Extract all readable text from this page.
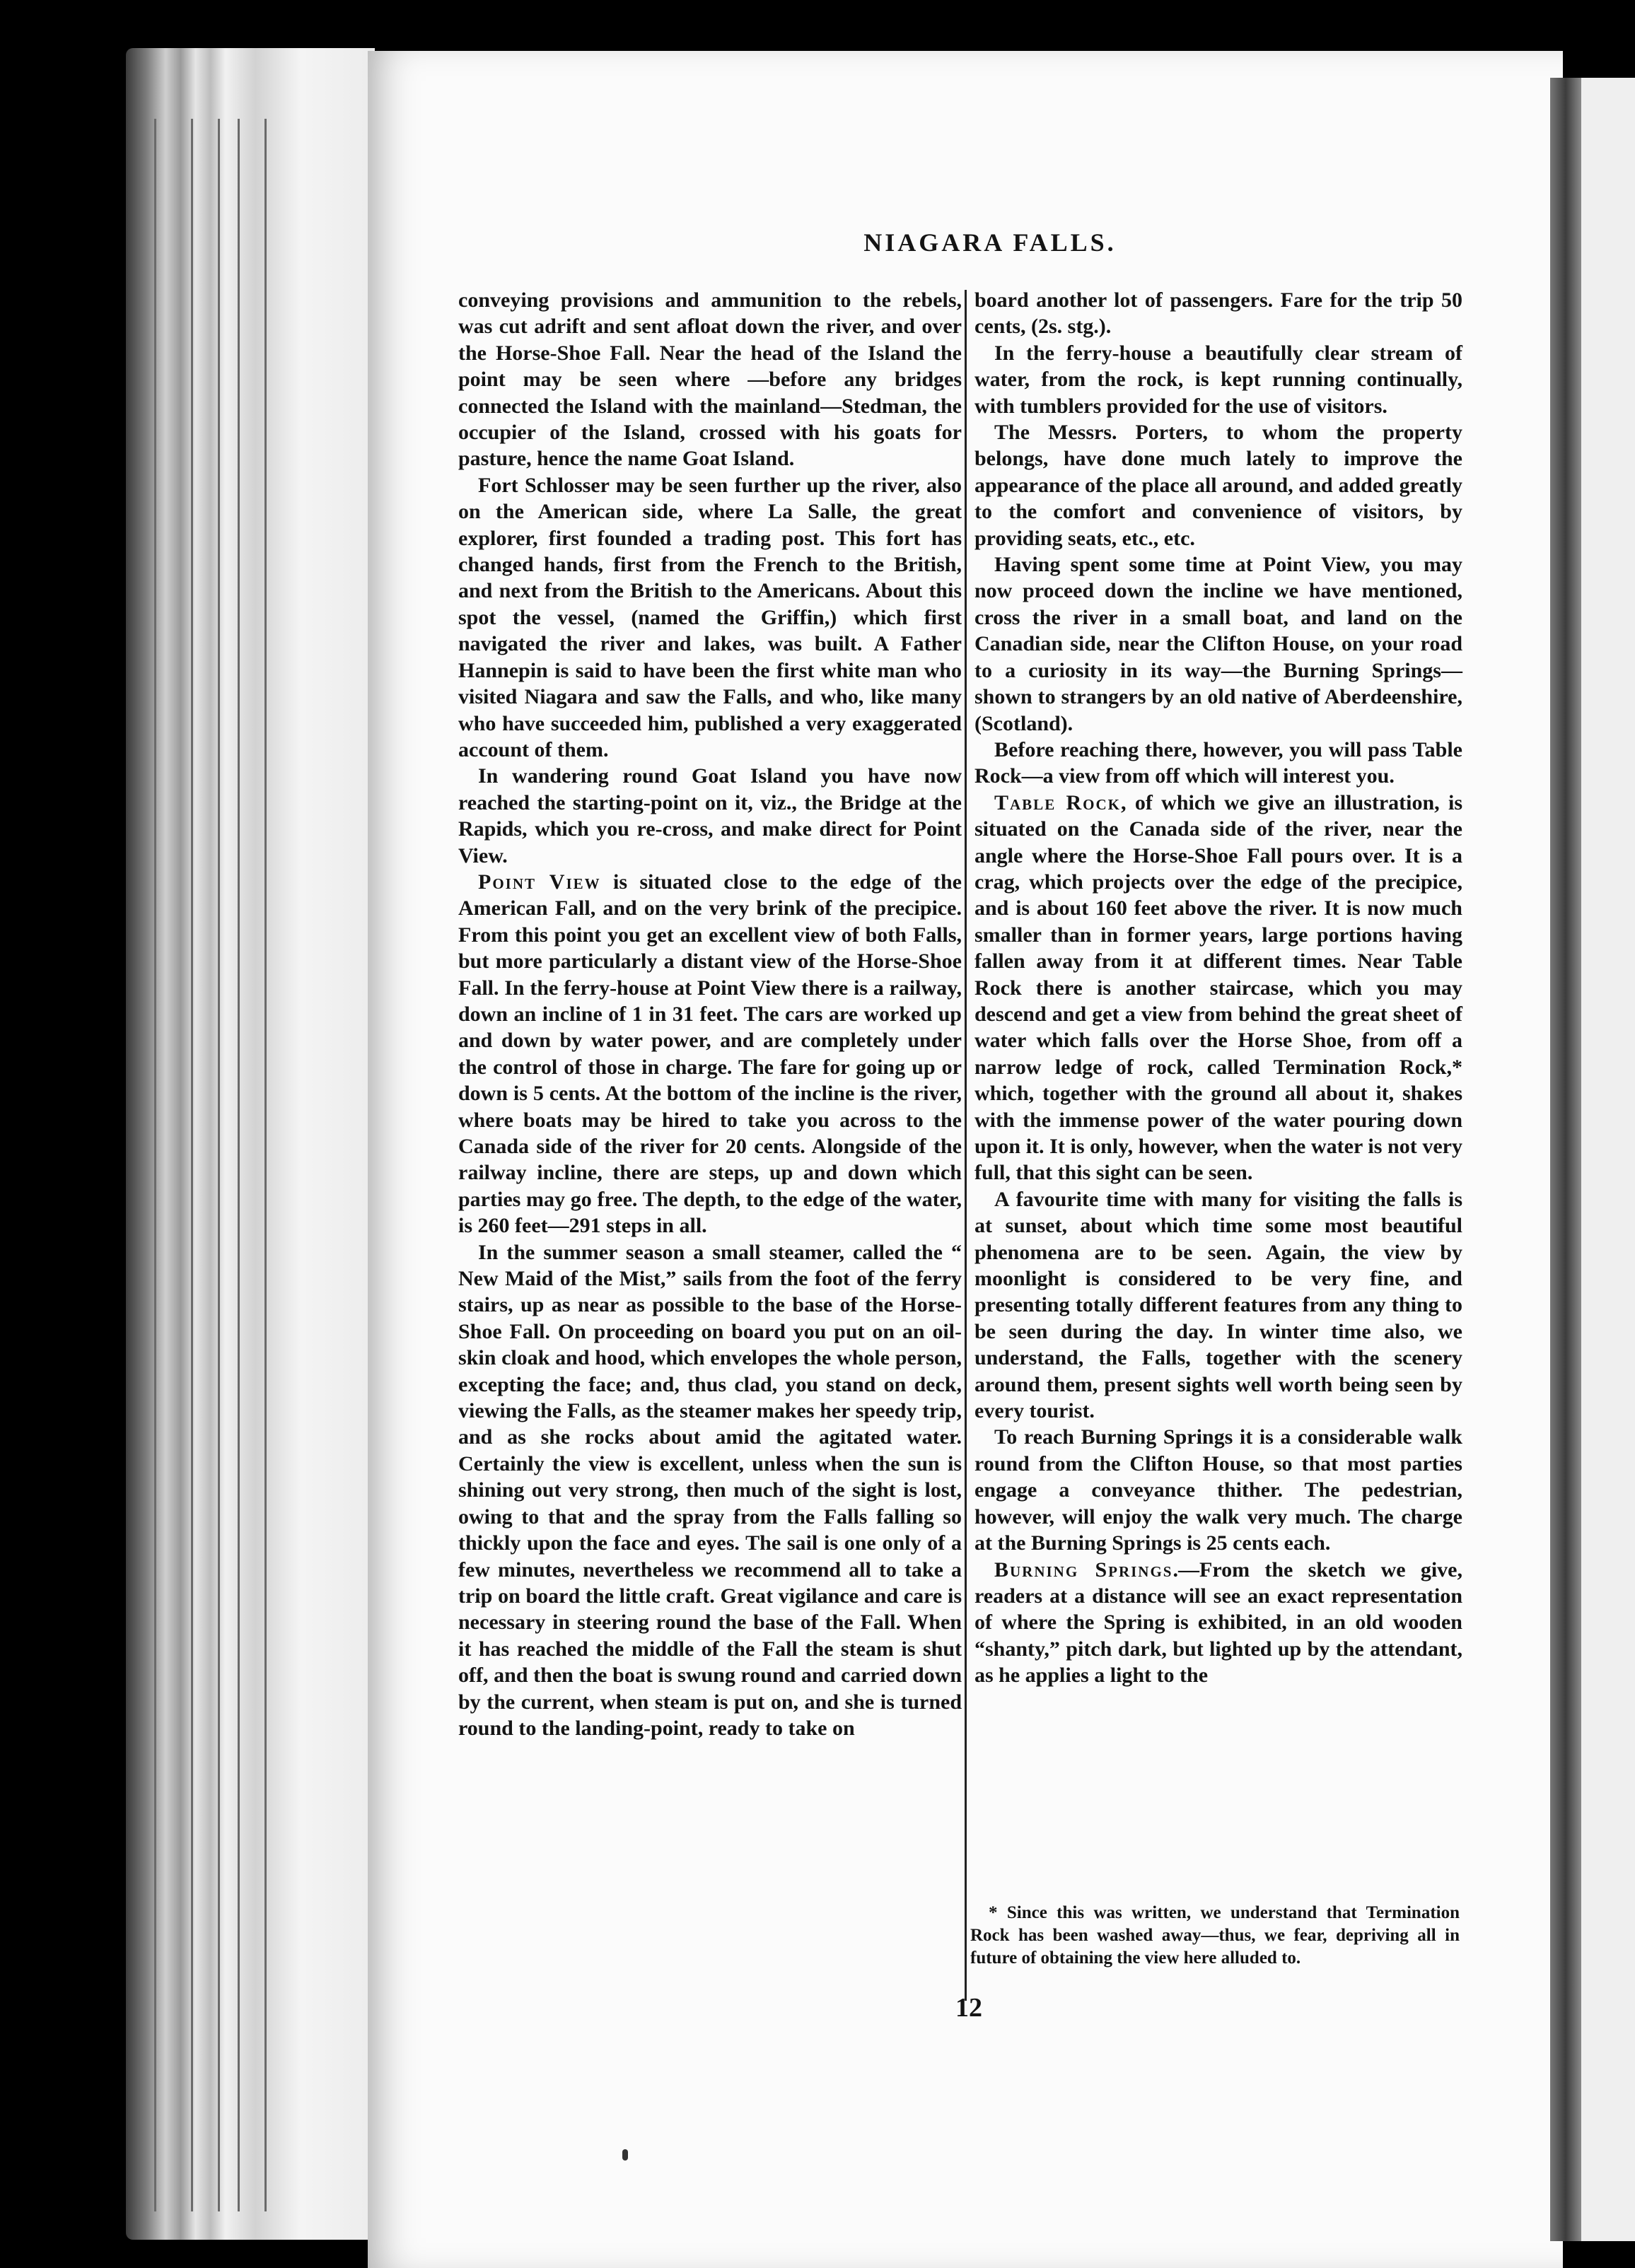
NIAGARA FALLS.

conveying provisions and ammunition to the rebels, was cut adrift and sent afloat down the river, and over the Horse-Shoe Fall. Near the head of the Island the point may be seen where —before any bridges connected the Island with the mainland—Stedman, the occupier of the Island, crossed with his goats for pasture, hence the name Goat Island.

Fort Schlosser may be seen further up the river, also on the American side, where La Salle, the great explorer, first founded a trading post. This fort has changed hands, first from the French to the British, and next from the British to the Americans. About this spot the vessel, (named the Griffin,) which first navigated the river and lakes, was built. A Father Hannepin is said to have been the first white man who visited Niagara and saw the Falls, and who, like many who have succeeded him, published a very exaggerated account of them.

In wandering round Goat Island you have now reached the starting-point on it, viz., the Bridge at the Rapids, which you re-cross, and make direct for Point View.

Point View is situated close to the edge of the American Fall, and on the very brink of the precipice. From this point you get an excellent view of both Falls, but more particularly a distant view of the Horse-Shoe Fall. In the ferry-house at Point View there is a railway, down an incline of 1 in 31 feet. The cars are worked up and down by water power, and are completely under the control of those in charge. The fare for going up or down is 5 cents. At the bottom of the incline is the river, where boats may be hired to take you across to the Canada side of the river for 20 cents. Alongside of the railway incline, there are steps, up and down which parties may go free. The depth, to the edge of the water, is 260 feet—291 steps in all.

In the summer season a small steamer, called the “ New Maid of the Mist,” sails from the foot of the ferry stairs, up as near as possible to the base of the Horse-Shoe Fall. On proceeding on board you put on an oil-skin cloak and hood, which envelopes the whole person, excepting the face; and, thus clad, you stand on deck, viewing the Falls, as the steamer makes her speedy trip, and as she rocks about amid the agitated water. Certainly the view is excellent, unless when the sun is shining out very strong, then much of the sight is lost, owing to that and the spray from the Falls falling so thickly upon the face and eyes. The sail is one only of a few minutes, nevertheless we recommend all to take a trip on board the little craft. Great vigilance and care is necessary in steering round the base of the Fall. When it has reached the middle of the Fall the steam is shut off, and then the boat is swung round and carried down by the current, when steam is put on, and she is turned round to the landing-point, ready to take on

board another lot of passengers. Fare for the trip 50 cents, (2s. stg.).

In the ferry-house a beautifully clear stream of water, from the rock, is kept running continually, with tumblers provided for the use of visitors.

The Messrs. Porters, to whom the property belongs, have done much lately to improve the appearance of the place all around, and added greatly to the comfort and convenience of visitors, by providing seats, etc., etc.

Having spent some time at Point View, you may now proceed down the incline we have mentioned, cross the river in a small boat, and land on the Canadian side, near the Clifton House, on your road to a curiosity in its way—the Burning Springs—shown to strangers by an old native of Aberdeenshire, (Scotland).

Before reaching there, however, you will pass Table Rock—a view from off which will interest you.

Table Rock, of which we give an illustration, is situated on the Canada side of the river, near the angle where the Horse-Shoe Fall pours over. It is a crag, which projects over the edge of the precipice, and is about 160 feet above the river. It is now much smaller than in former years, large portions having fallen away from it at different times. Near Table Rock there is another staircase, which you may descend and get a view from behind the great sheet of water which falls over the Horse Shoe, from off a narrow ledge of rock, called Termination Rock,* which, together with the ground all about it, shakes with the immense power of the water pouring down upon it. It is only, however, when the water is not very full, that this sight can be seen.

A favourite time with many for visiting the falls is at sunset, about which time some most beautiful phenomena are to be seen. Again, the view by moonlight is considered to be very fine, and presenting totally different features from any thing to be seen during the day. In winter time also, we understand, the Falls, together with the scenery around them, present sights well worth being seen by every tourist.

To reach Burning Springs it is a considerable walk round from the Clifton House, so that most parties engage a conveyance thither. The pedestrian, however, will enjoy the walk very much. The charge at the Burning Springs is 25 cents each.

Burning Springs.—From the sketch we give, readers at a distance will see an exact representation of where the Spring is exhibited, in an old wooden “shanty,” pitch dark, but lighted up by the attendant, as he applies a light to the

* Since this was written, we understand that Termination Rock has been washed away—thus, we fear, depriving all in future of obtaining the view here alluded to.

12
